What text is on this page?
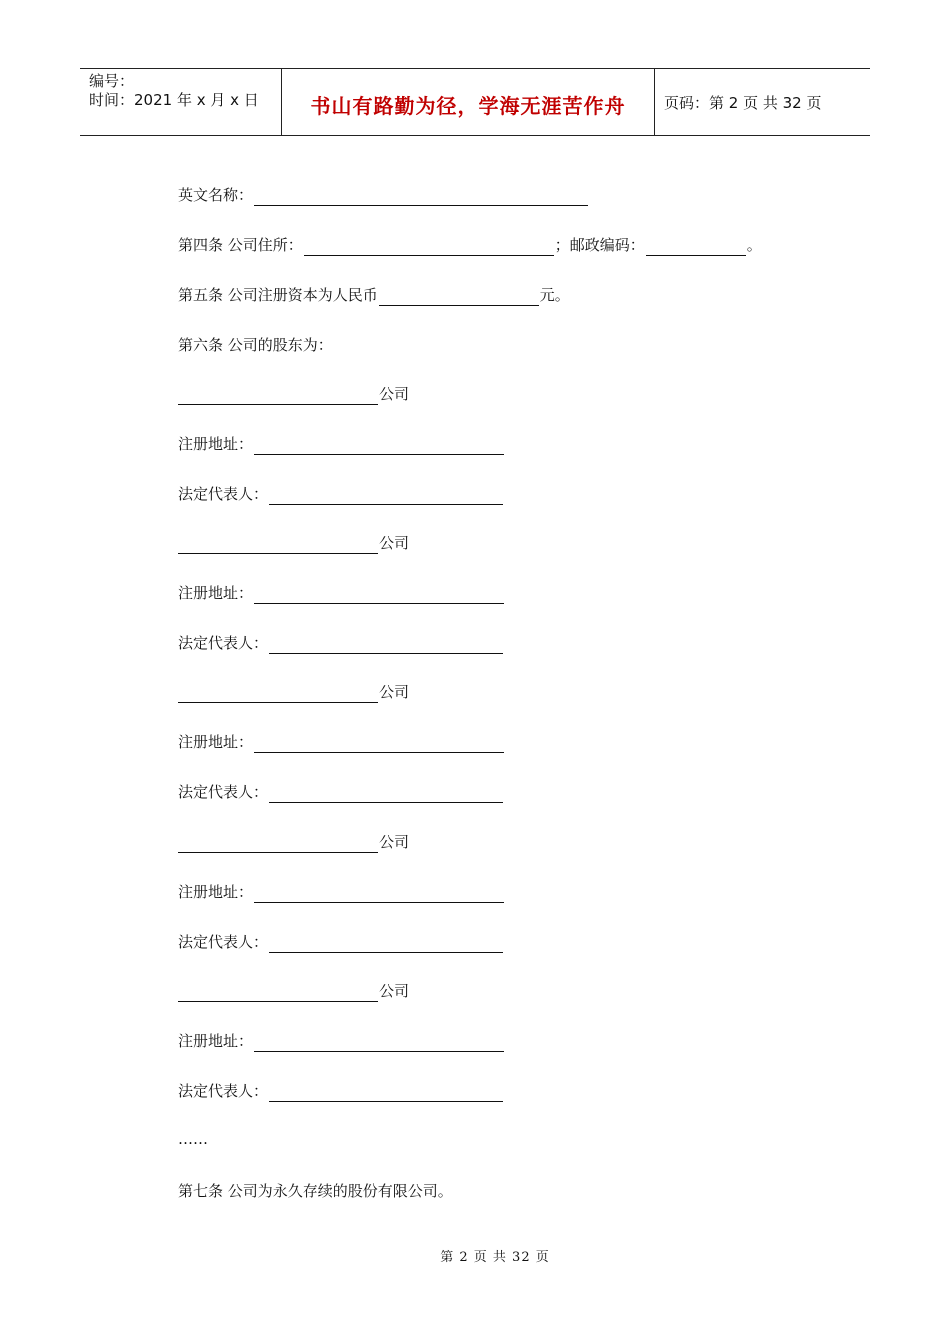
编号：
时间：2021 年 x 月 x 日	书山有路勤为径，学海无涯苦作舟	页码：第 2 页 共 32 页
英文名称：
第四条 公司住所：	；邮政编码：	。
第五条 公司注册资本为人民币	元。
第六条 公司的股东为：
公司
注册地址：
法定代表人：
公司
注册地址：
法定代表人：
公司
注册地址：
法定代表人：
公司
注册地址：
法定代表人：
公司
注册地址：
法定代表人：
……
第七条 公司为永久存续的股份有限公司。
第 2 页 共 32 页
